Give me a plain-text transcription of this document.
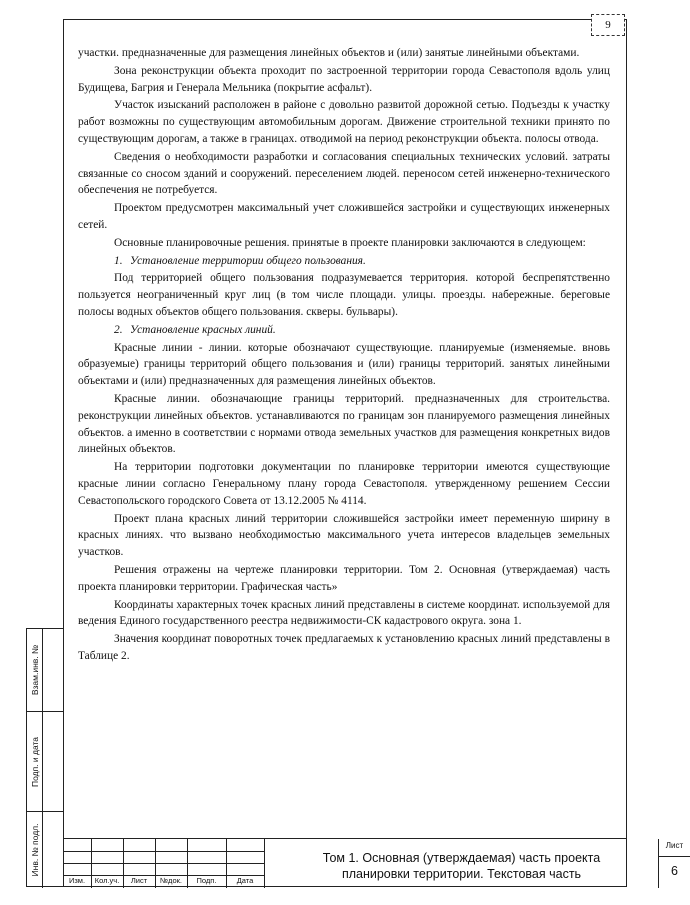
9

участки. предназначенные для размещения линейных объектов и (или) занятые линейными объектами.

Зона реконструкции объекта проходит по застроенной территории города Севастополя вдоль улиц Будищева, Багрия и Генерала Мельника (покрытие асфальт).

Участок изысканий расположен в районе с довольно развитой дорожной сетью. Подъезды к участку работ возможны по существующим автомобильным дорогам. Движение строительной техники принято по существующим дорогам, а также в границах. отводимой на период реконструкции объекта. полосы отвода.

Сведения о необходимости разработки и согласования специальных технических условий. затраты связанные со сносом зданий и сооружений. переселением людей. переносом сетей инженерно-технического обеспечения не потребуется.

Проектом предусмотрен максимальный учет сложившейся застройки и существующих инженерных сетей.

Основные планировочные решения. принятые в проекте планировки заключаются в следующем:

1. Установление территории общего пользования.

Под территорией общего пользования подразумевается территория. которой беспрепятственно пользуется неограниченный круг лиц (в том числе площади. улицы. проезды. набережные. береговые полосы водных объектов общего пользования. скверы. бульвары).

2. Установление красных линий.

Красные линии - линии. которые обозначают существующие. планируемые (изменяемые. вновь образуемые) границы территорий общего пользования и (или) границы территорий. занятых линейными объектами и (или) предназначенных для размещения линейных объектов.

Красные линии. обозначающие границы территорий. предназначенных для строительства. реконструкции линейных объектов. устанавливаются по границам зон планируемого размещения линейных объектов. а именно в соответствии с нормами отвода земельных участков для размещения конкретных видов линейных объектов.

На территории подготовки документации по планировке территории имеются существующие красные линии согласно Генеральному плану города Севастополя. утвержденному решением Сессии Севастопольского городского Совета от 13.12.2005 № 4114.

Проект плана красных линий территории сложившейся застройки имеет переменную ширину в красных линиях. что вызвано необходимостью максимального учета интересов владельцев земельных участков.

Решения отражены на чертеже планировки территории. Том 2. Основная (утверждаемая) часть проекта планировки территории. Графическая часть»

Координаты характерных точек красных линий представлены в системе координат. используемой для ведения Единого государственного реестра недвижимости-СК кадастрового округа. зона 1.

Значения координат поворотных точек предлагаемых к установлению красных линий представлены в Таблице 2.

Взам.инв. №
Подп. и дата
Инв. № подл.
Изм.	Кол.уч.	Лист	№док.	Подп.	Дата
Том 1. Основная (утверждаемая) часть проекта
планировки территории. Текстовая часть
Лист
6
